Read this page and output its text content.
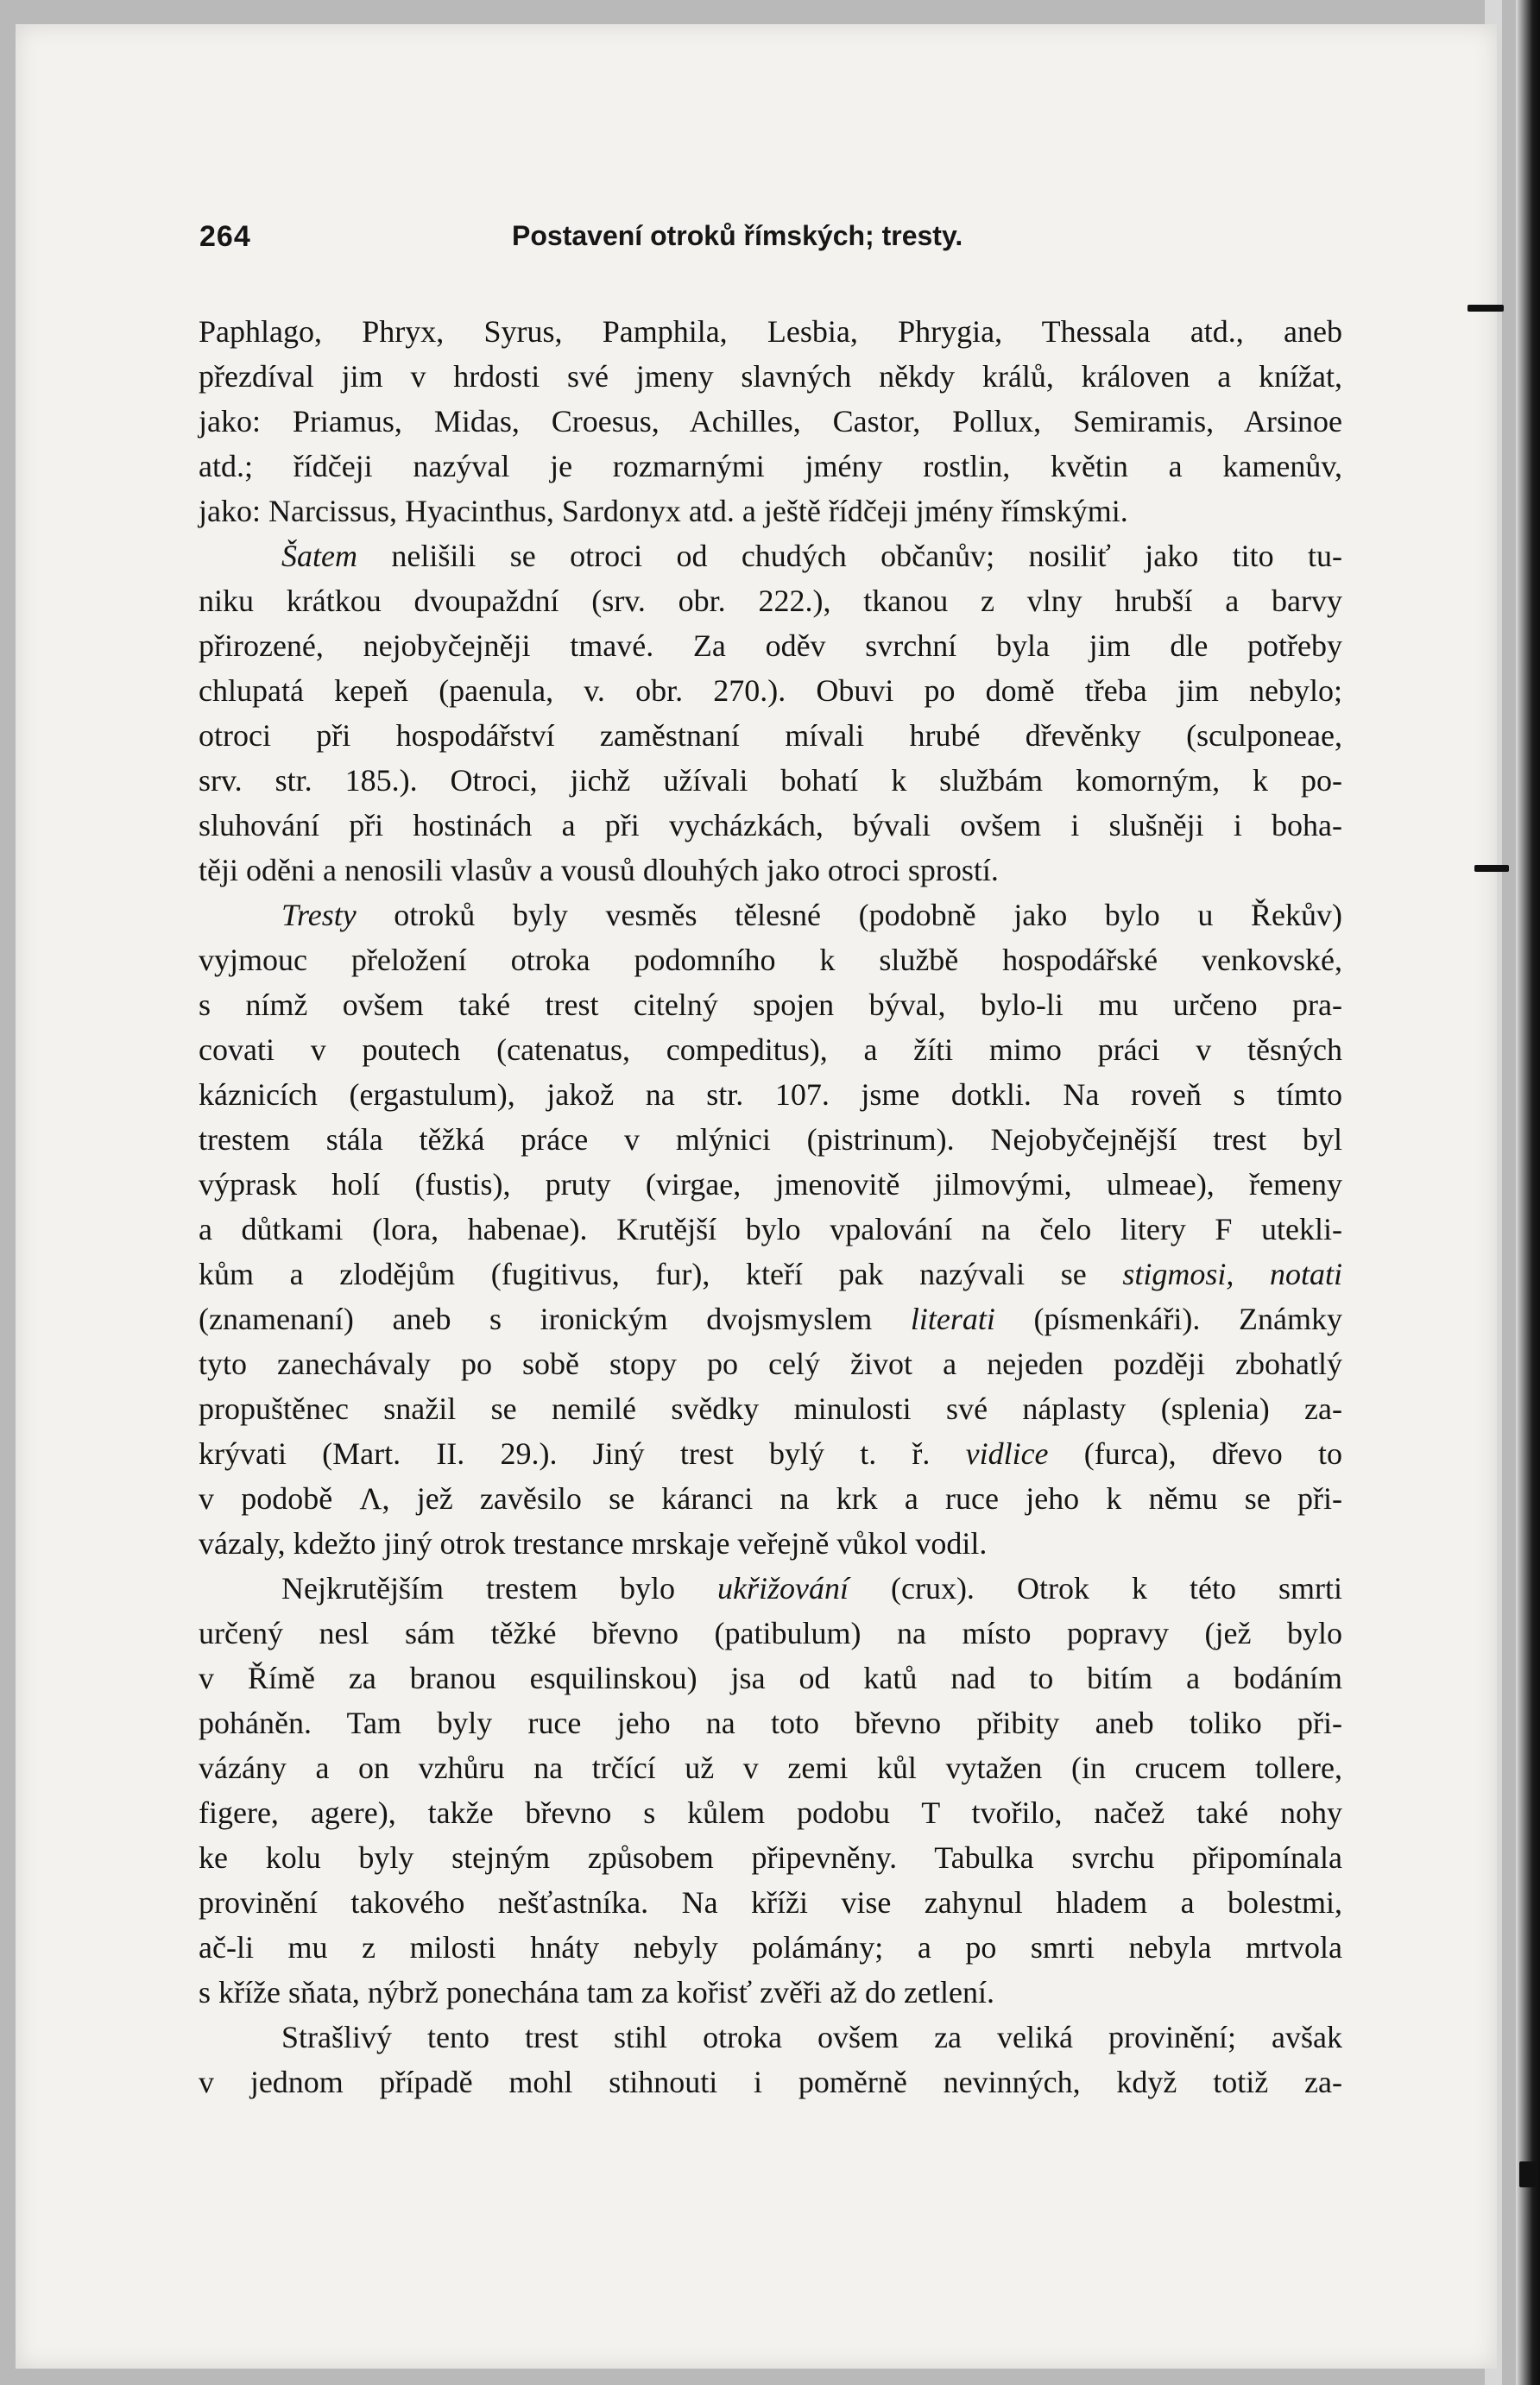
264	Postavení otroků římských; tresty.
Paphlago, Phryx, Syrus, Pamphila, Lesbia, Phrygia, Thessala atd., aneb
přezdíval jim v hrdosti své jmeny slavných někdy králů, královen a knížat,
jako: Priamus, Midas, Croesus, Achilles, Castor, Pollux, Semiramis, Arsinoe
atd.; řídčeji nazýval je rozmarnými jmény rostlin, květin a kamenův,
jako: Narcissus, Hyacinthus, Sardonyx atd. a ještě řídčeji jmény římskými.
Šatem nelišili se otroci od chudých občanův; nosiliť jako tito tu-
niku krátkou dvoupaždní (srv. obr. 222.), tkanou z vlny hrubší a barvy
přirozené, nejobyčejněji tmavé. Za oděv svrchní byla jim dle potřeby
chlupatá kepeň (paenula, v. obr. 270.). Obuvi po domě třeba jim nebylo;
otroci při hospodářství zaměstnaní mívali hrubé dřevěnky (sculponeae,
srv. str. 185.). Otroci, jichž užívali bohatí k službám komorným, k po-
sluhování při hostinách a při vycházkách, bývali ovšem i slušněji i boha-
těji oděni a nenosili vlasův a vousů dlouhých jako otroci sprostí.
Tresty otroků byly vesměs tělesné (podobně jako bylo u Řekův)
vyjmouc přeložení otroka podomního k službě hospodářské venkovské,
s nímž ovšem také trest citelný spojen býval, bylo-li mu určeno pra-
covati v poutech (catenatus, compeditus), a žíti mimo práci v těsných
káznicích (ergastulum), jakož na str. 107. jsme dotkli. Na roveň s tímto
trestem stála těžká práce v mlýnici (pistrinum). Nejobyčejnější trest byl
výprask holí (fustis), pruty (virgae, jmenovitě jilmovými, ulmeae), řemeny
a důtkami (lora, habenae). Krutější bylo vpalování na čelo litery F utekli-
kům a zlodějům (fugitivus, fur), kteří pak nazývali se stigmosi, notati
(znamenaní) aneb s ironickým dvojsmyslem literati (písmenkáři). Známky
tyto zanechávaly po sobě stopy po celý život a nejeden později zbohatlý
propuštěnec snažil se nemilé svědky minulosti své náplasty (splenia) za-
krývati (Mart. II. 29.). Jiný trest bylý t. ř. vidlice (furca), dřevo to
v podobě Λ, jež zavěsilo se káranci na krk a ruce jeho k němu se při-
vázaly, kdežto jiný otrok trestance mrskaje veřejně vůkol vodil.
Nejkrutějším trestem bylo ukřižování (crux). Otrok k této smrti
určený nesl sám těžké břevno (patibulum) na místo popravy (jež bylo
v Římě za branou esquilinskou) jsa od katů nad to bitím a bodáním
poháněn. Tam byly ruce jeho na toto břevno přibity aneb toliko při-
vázány a on vzhůru na trčící už v zemi kůl vytažen (in crucem tollere,
figere, agere), takže břevno s kůlem podobu T tvořilo, načež také nohy
ke kolu byly stejným způsobem připevněny. Tabulka svrchu připomínala
provinění takového nešťastníka. Na kříži vise zahynul hladem a bolestmi,
ač-li mu z milosti hnáty nebyly polámány; a po smrti nebyla mrtvola
s kříže sňata, nýbrž ponechána tam za kořisť zvěři až do zetlení.
Strašlivý tento trest stihl otroka ovšem za veliká provinění; avšak
v jednom případě mohl stihnouti i poměrně nevinných, když totiž za-
